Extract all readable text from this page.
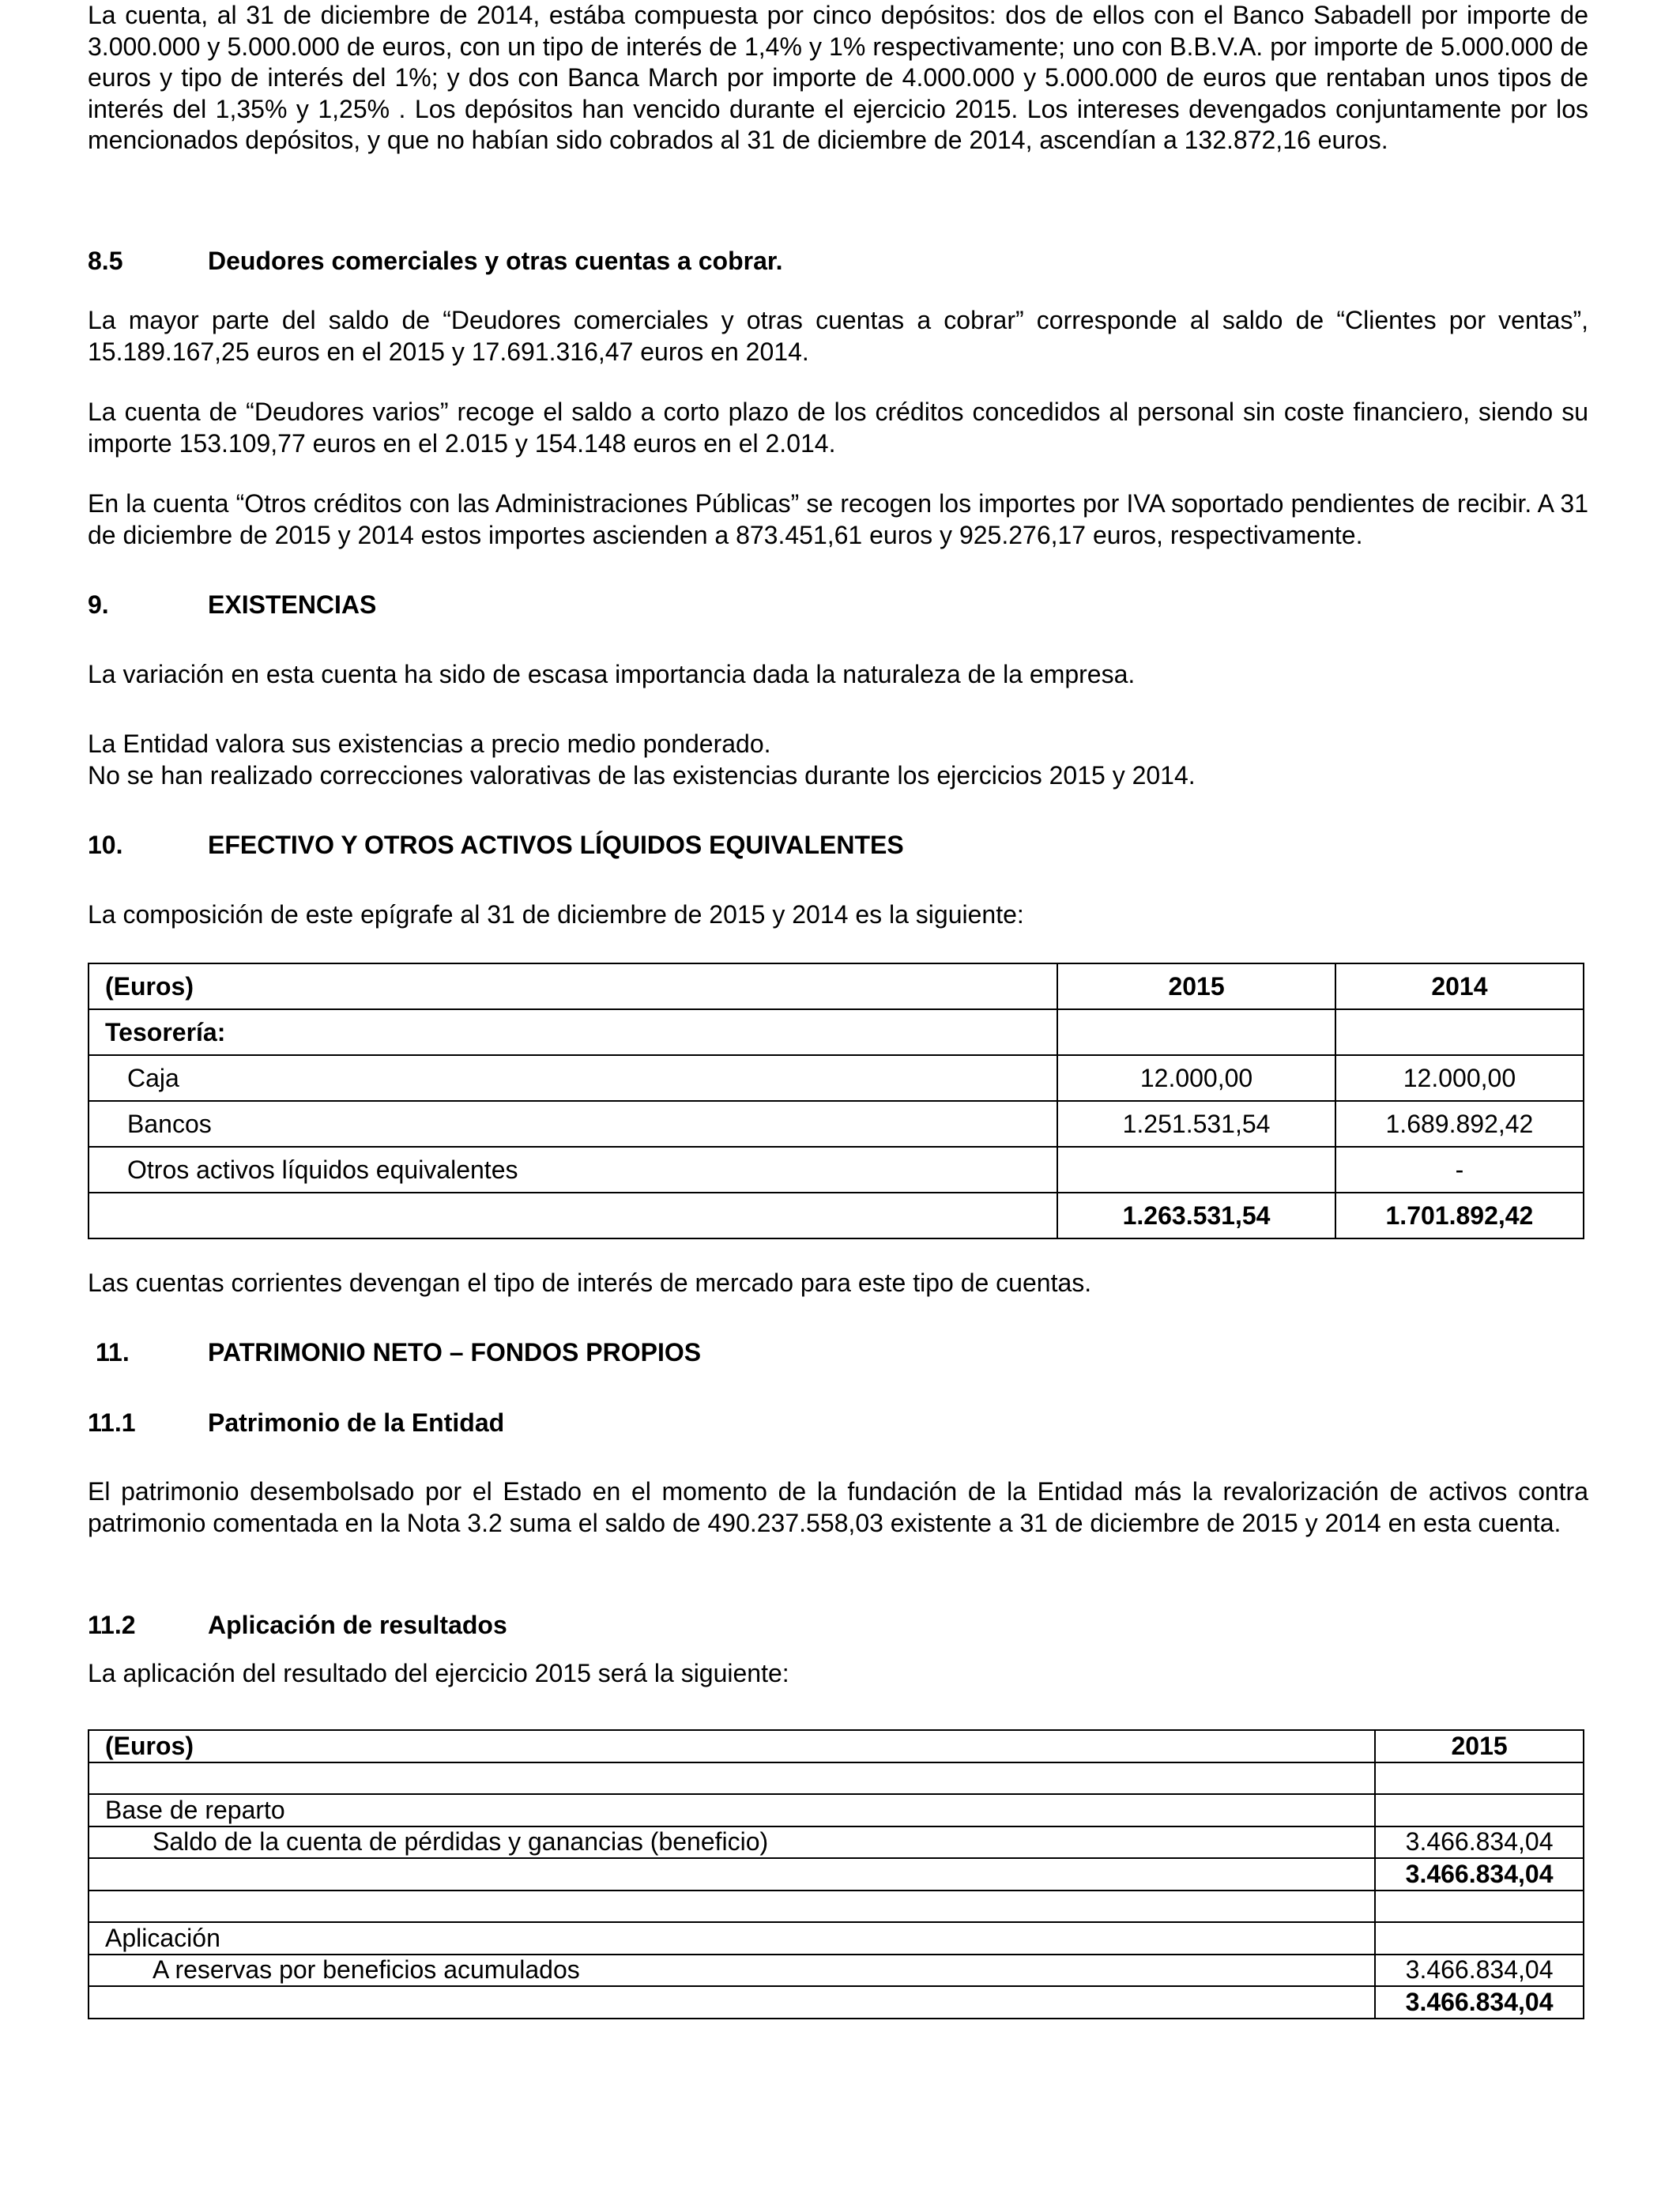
La cuenta, al 31 de diciembre de 2014, estába compuesta por cinco depósitos: dos de ellos con el Banco Sabadell por importe de 3.000.000 y 5.000.000 de euros, con un tipo de interés de 1,4% y 1% respectivamente; uno con B.B.V.A. por importe de 5.000.000 de euros y tipo de interés del 1%; y dos con Banca March por importe de 4.000.000 y 5.000.000 de euros que rentaban unos tipos de interés del 1,35% y 1,25% . Los depósitos han vencido durante el ejercicio 2015. Los intereses devengados conjuntamente por los mencionados depósitos, y que no habían sido cobrados al 31 de diciembre de 2014, ascendían a 132.872,16 euros.

8.5	Deudores comerciales y otras cuentas a cobrar.

La mayor parte del saldo de “Deudores comerciales y otras cuentas a cobrar” corresponde al saldo de “Clientes por ventas”, 15.189.167,25 euros en el 2015 y 17.691.316,47 euros en 2014.

La cuenta de “Deudores varios” recoge el saldo a corto plazo de los créditos concedidos al personal sin coste financiero, siendo su importe 153.109,77 euros en el 2.015 y 154.148 euros en el 2.014.

En la cuenta “Otros créditos con las Administraciones Públicas” se recogen los importes por IVA soportado pendientes de recibir. A 31 de diciembre de 2015 y 2014 estos importes ascienden a 873.451,61 euros y 925.276,17 euros, respectivamente.

9.	EXISTENCIAS

La variación en esta cuenta ha sido de escasa importancia dada la naturaleza de la empresa.

La Entidad valora sus existencias a precio medio ponderado.

No se han realizado correcciones valorativas de las existencias durante los ejercicios 2015 y 2014.

10.	EFECTIVO Y OTROS ACTIVOS LÍQUIDOS EQUIVALENTES

La composición de este epígrafe al 31 de diciembre de 2015 y 2014 es la siguiente:

(Euros)	2015	2014
Tesorería:		
Caja	12.000,00	12.000,00
Bancos	1.251.531,54	1.689.892,42
Otros activos líquidos equivalentes		-
	1.263.531,54	1.701.892,42

Las cuentas corrientes devengan el tipo de interés de mercado para este tipo de cuentas.

11.	PATRIMONIO NETO – FONDOS PROPIOS
11.1	Patrimonio de la Entidad

El patrimonio desembolsado por el Estado en el momento de la fundación de la Entidad más la revalorización de activos contra patrimonio comentada en la Nota 3.2 suma el saldo de 490.237.558,03 existente a 31 de diciembre de 2015 y 2014 en esta cuenta.

11.2	Aplicación de resultados

La aplicación del resultado del ejercicio 2015 será la siguiente:

(Euros)	2015

Base de reparto	
Saldo de la cuenta de pérdidas y ganancias (beneficio)	3.466.834,04
	3.466.834,04

Aplicación	
A reservas por beneficios acumulados	3.466.834,04
	3.466.834,04
